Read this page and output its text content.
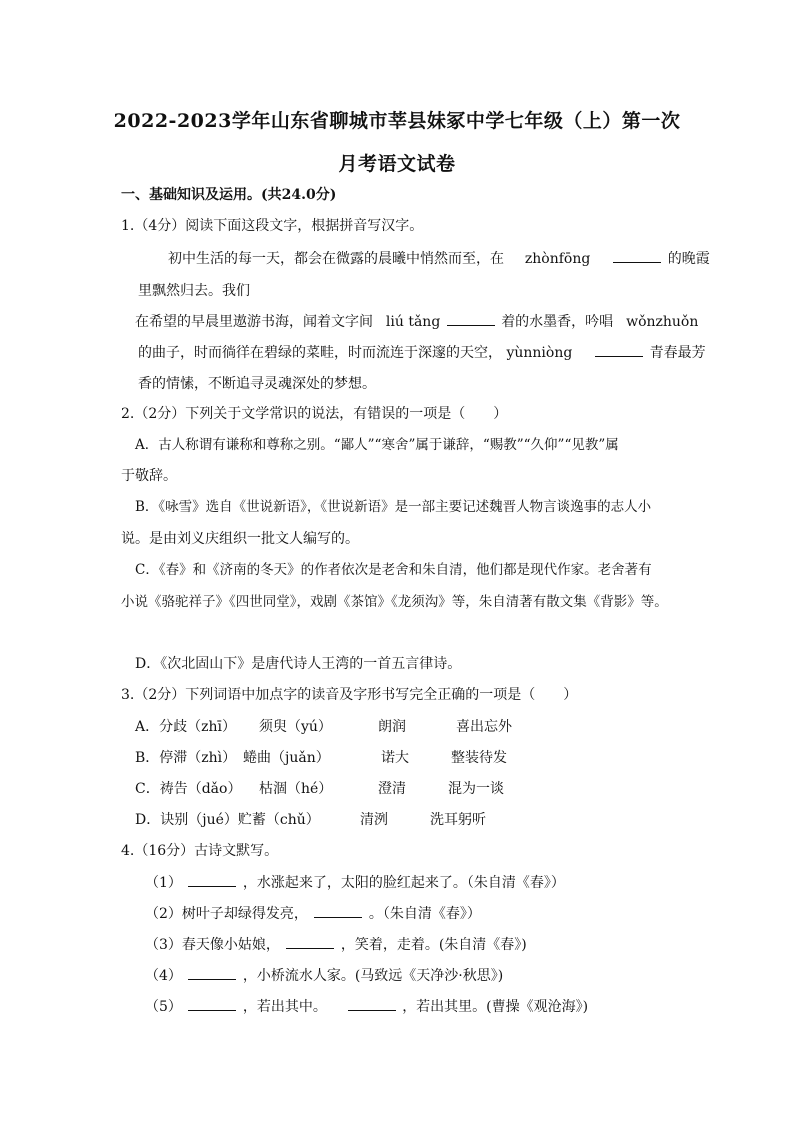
2022-2023学年山东省聊城市莘县妹冢中学七年级（上）第一次
月考语文试卷
一、基础知识及运用。(共24.0分)
1.（4分）阅读下面这段文字，根据拼音写汉字。
初中生活的每一天，都会在微露的晨曦中悄然而至，在 zhònfōng	的晚霞
里飘然归去。我们
在希望的早晨里遨游书海，闻着文字间 liú tǎng	着的水墨香，吟唱 wǒnzhuǒn
的曲子，时而徜徉在碧绿的菜畦，时而流连于深邃的天空， yùnniòng	青春最芳
香的情愫，不断追寻灵魂深处的梦想。
2.（2分）下列关于文学常识的说法，有错误的一项是（　　）
A．古人称谓有谦称和尊称之别。“鄙人”“寒舍”属于谦辞，“赐教”“久仰”“见教”属
于敬辞。
B．《咏雪》选自《世说新语》，《世说新语》是一部主要记述魏晋人物言谈逸事的志人小
说。是由刘义庆组织一批文人编写的。
C．《春》和《济南的冬天》的作者依次是老舍和朱自清，他们都是现代作家。老舍著有
小说《骆驼祥子》《四世同堂》，戏剧《茶馆》《龙须沟》等，朱自清著有散文集《背影》等。
D．《次北固山下》是唐代诗人王湾的一首五言律诗。
3.（2分）下列词语中加点字的读音及字形书写完全正确的一项是（　　）
A．分歧（zhī） 须臾（yú）	朗润	喜出忘外
B．停滞（zhì） 蜷曲（juǎn）	诺大	整装待发
C．祷告（dǎo） 枯涸（hé）	澄清	混为一谈
D．诀别（jué）贮蓄（chǔ）	清洌	洗耳躬听
4.（16分）古诗文默写。
（1）	，水涨起来了，太阳的脸红起来了。（朱自清《春》）
（2）树叶子却绿得发亮，	。（朱自清《春》）
（3）春天像小姑娘，	，笑着，走着。(朱自清《春》)
（4）	，小桥流水人家。(马致远《天净沙·秋思》)
（5）	，若出其中。	，若出其里。(曹操《观沧海》)
